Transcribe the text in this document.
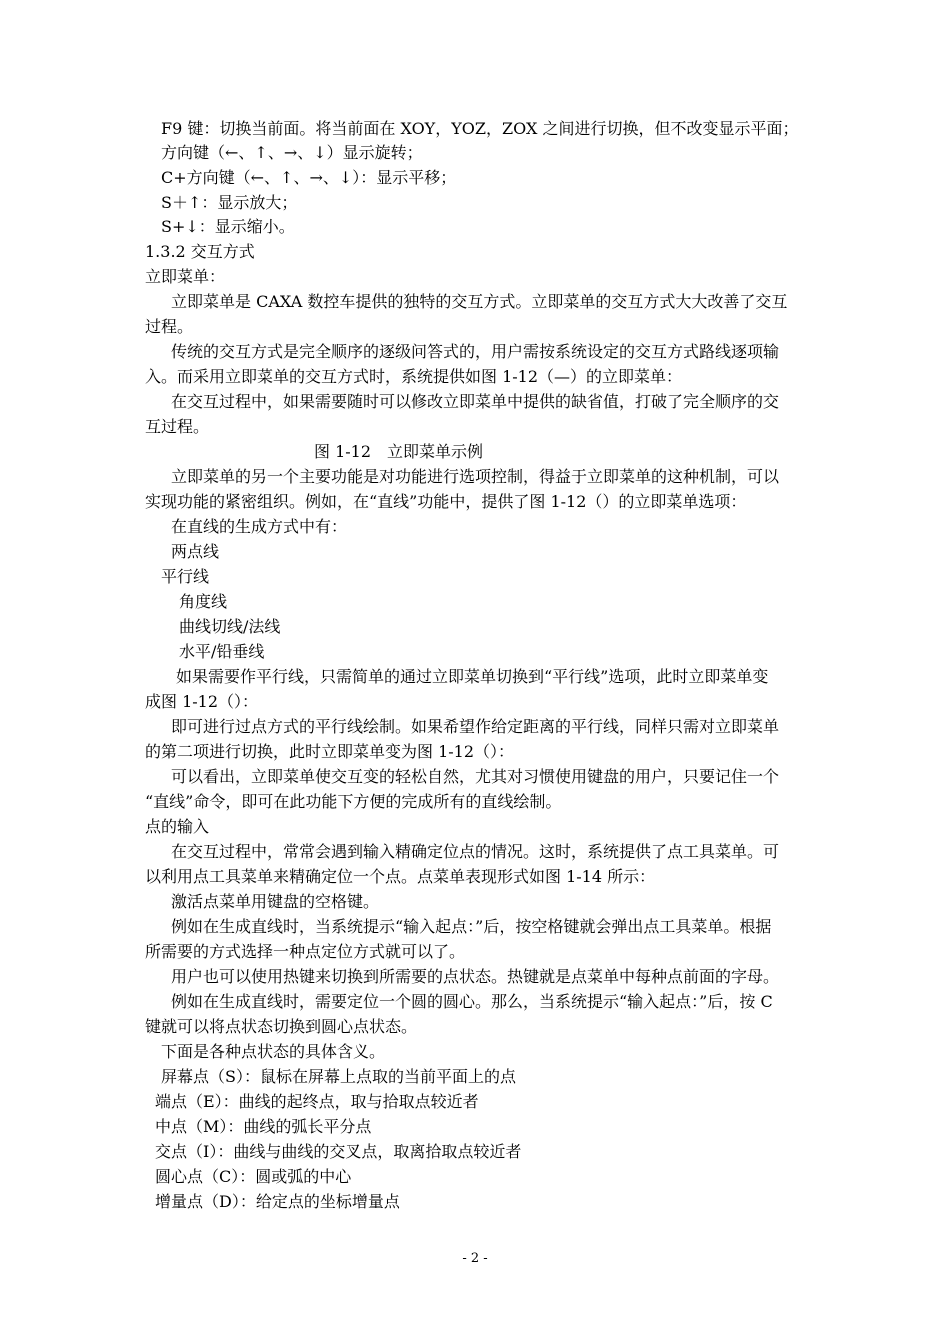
F9 键：切换当前面。将当前面在 XOY，YOZ，ZOX 之间进行切换，但不改变显示平面；
方向键（←、↑、→、↓）显示旋转；
C+方向键（←、↑、→、↓）：显示平移；
S＋↑：显示放大；
S+↓：显示缩小。
1.3.2 交互方式
立即菜单：
立即菜单是 CAXA 数控车提供的独特的交互方式。立即菜单的交互方式大大改善了交互
过程。
传统的交互方式是完全顺序的逐级问答式的，用户需按系统设定的交互方式路线逐项输
入。而采用立即菜单的交互方式时，系统提供如图 1-12（—）的立即菜单：
在交互过程中，如果需要随时可以修改立即菜单中提供的缺省值，打破了完全顺序的交
互过程。
图 1-12　立即菜单示例
立即菜单的另一个主要功能是对功能进行选项控制，得益于立即菜单的这种机制，可以
实现功能的紧密组织。例如，在“直线”功能中，提供了图 1-12（）的立即菜单选项：
在直线的生成方式中有：
两点线
平行线
角度线
曲线切线/法线
水平/铅垂线
如果需要作平行线，只需简单的通过立即菜单切换到“平行线”选项，此时立即菜单变
成图 1-12（）：
即可进行过点方式的平行线绘制。如果希望作给定距离的平行线，同样只需对立即菜单
的第二项进行切换，此时立即菜单变为图 1-12（）：
可以看出，立即菜单使交互变的轻松自然，尤其对习惯使用键盘的用户，只要记住一个
“直线”命令，即可在此功能下方便的完成所有的直线绘制。
点的输入
在交互过程中，常常会遇到输入精确定位点的情况。这时，系统提供了点工具菜单。可
以利用点工具菜单来精确定位一个点。点菜单表现形式如图 1-14 所示：
激活点菜单用键盘的空格键。
例如在生成直线时，当系统提示“输入起点：”后，按空格键就会弹出点工具菜单。根据
所需要的方式选择一种点定位方式就可以了。
用户也可以使用热键来切换到所需要的点状态。热键就是点菜单中每种点前面的字母。
例如在生成直线时，需要定位一个圆的圆心。那么，当系统提示“输入起点：”后，按 C
键就可以将点状态切换到圆心点状态。
下面是各种点状态的具体含义。
屏幕点（S）：鼠标在屏幕上点取的当前平面上的点
端点（E）：曲线的起终点，取与拾取点较近者
中点（M）：曲线的弧长平分点
交点（I）：曲线与曲线的交叉点，取离拾取点较近者
圆心点（C）：圆或弧的中心
增量点（D）：给定点的坐标增量点
- 2 -
